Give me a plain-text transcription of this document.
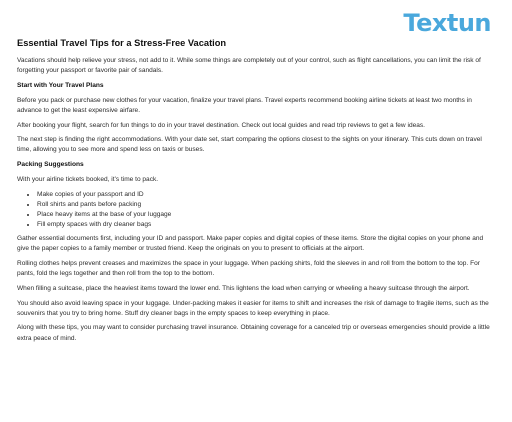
Textun
Essential Travel Tips for a Stress-Free Vacation

Vacations should help relieve your stress, not add to it. While some things are completely out of your control, such as flight cancellations, you can limit the risk of forgetting your passport or favorite pair of sandals.

Start with Your Travel Plans

Before you pack or purchase new clothes for your vacation, finalize your travel plans. Travel experts recommend booking airline tickets at least two months in advance to get the least expensive airfare.

After booking your flight, search for fun things to do in your travel destination. Check out local guides and read trip reviews to get a few ideas.

The next step is finding the right accommodations. With your date set, start comparing the options closest to the sights on your itinerary. This cuts down on travel time, allowing you to see more and spend less on taxis or buses.

Packing Suggestions

With your airline tickets booked, it’s time to pack.

• Make copies of your passport and ID
• Roll shirts and pants before packing
• Place heavy items at the base of your luggage
• Fill empty spaces with dry cleaner bags

Gather essential documents first, including your ID and passport. Make paper copies and digital copies of these items. Store the digital copies on your phone and give the paper copies to a family member or trusted friend. Keep the originals on you to present to officials at the airport.

Rolling clothes helps prevent creases and maximizes the space in your luggage. When packing shirts, fold the sleeves in and roll from the bottom to the top. For pants, fold the legs together and then roll from the top to the bottom.

When filling a suitcase, place the heaviest items toward the lower end. This lightens the load when carrying or wheeling a heavy suitcase through the airport.

You should also avoid leaving space in your luggage. Under-packing makes it easier for items to shift and increases the risk of damage to fragile items, such as the souvenirs that you try to bring home. Stuff dry cleaner bags in the empty spaces to keep everything in place.

Along with these tips, you may want to consider purchasing travel insurance. Obtaining coverage for a canceled trip or overseas emergencies should provide a little extra peace of mind.
